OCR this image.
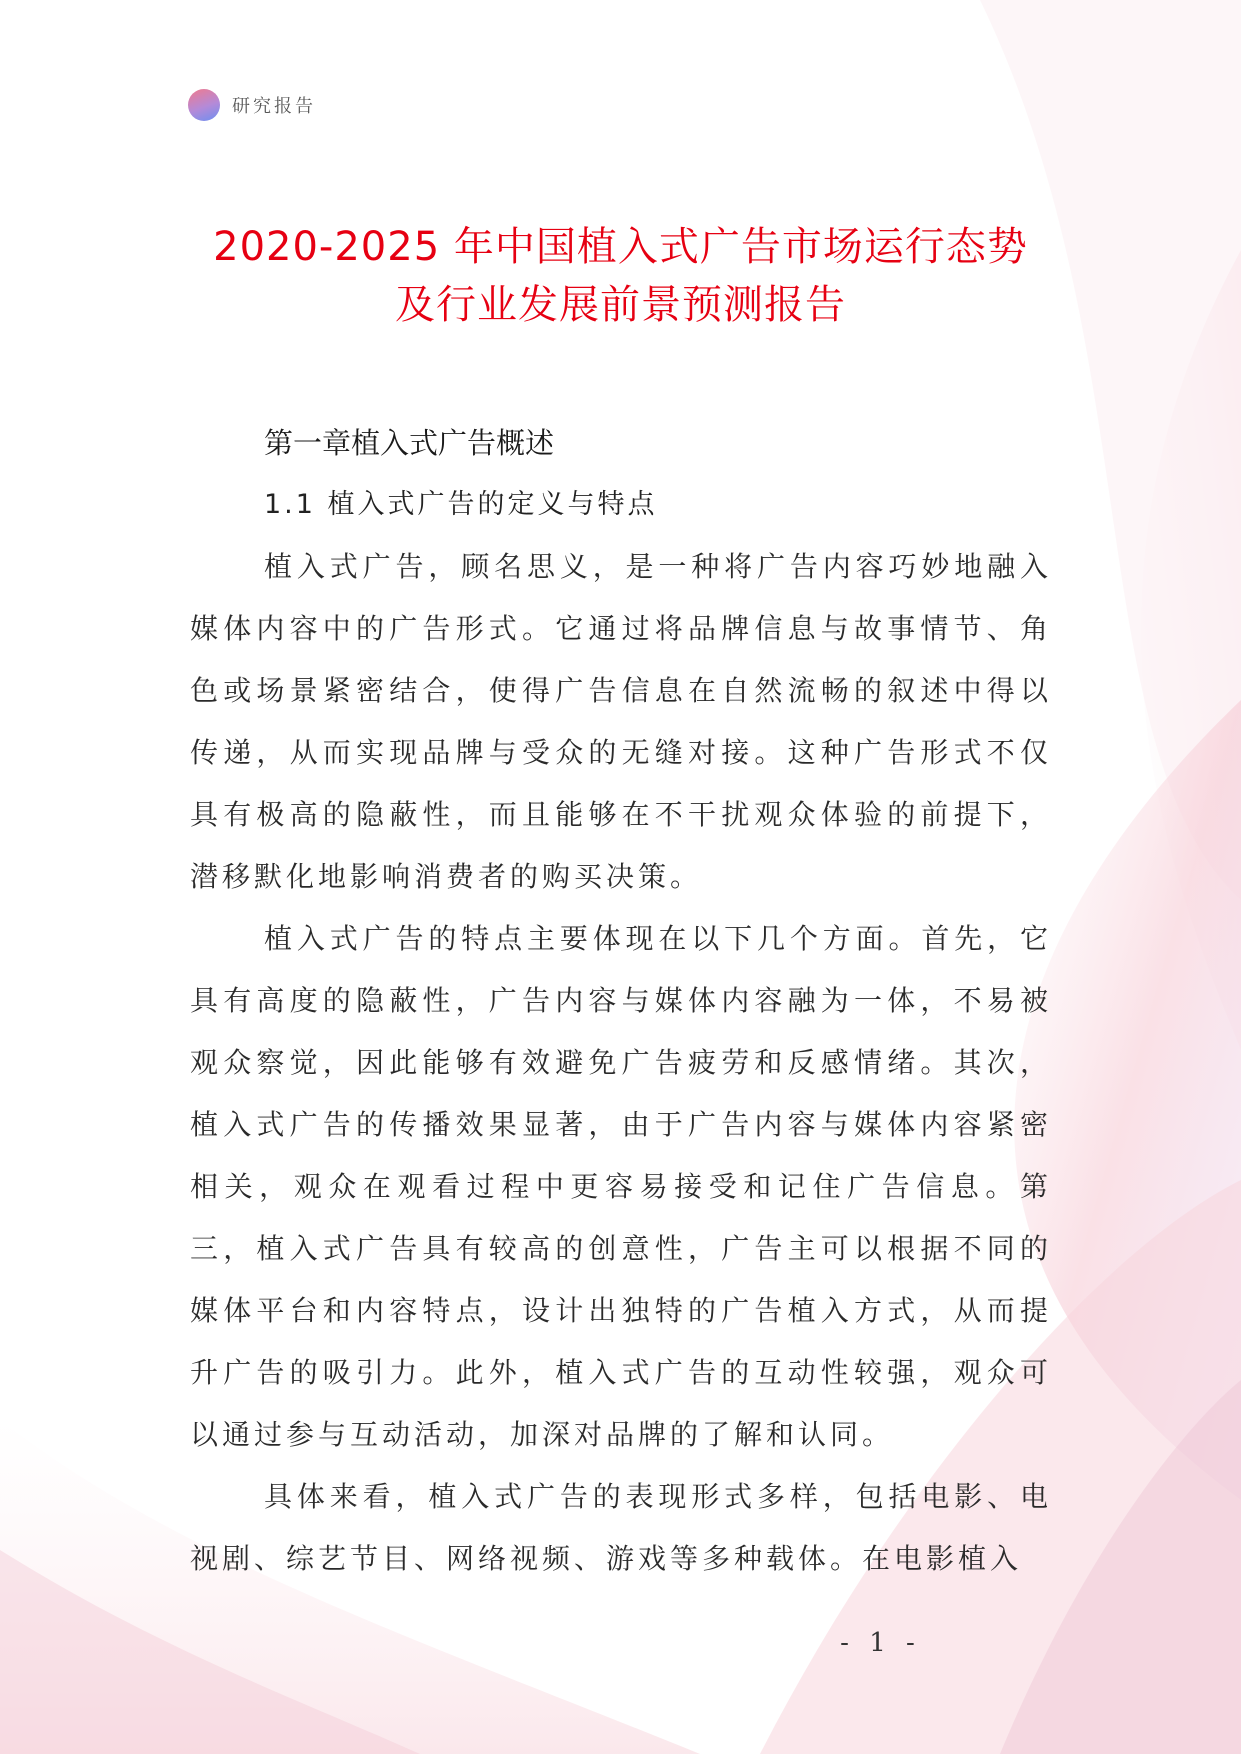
研究报告
2020-2025 年中国植入式广告市场运行态势
及行业发展前景预测报告
第一章植入式广告概述
1.1 植入式广告的定义与特点

植入式广告，顾名思义，是一种将广告内容巧妙地融入媒体内容中的广告形式。它通过将品牌信息与故事情节、角色或场景紧密结合，使得广告信息在自然流畅的叙述中得以传递，从而实现品牌与受众的无缝对接。这种广告形式不仅具有极高的隐蔽性，而且能够在不干扰观众体验的前提下，潜移默化地影响消费者的购买决策。

植入式广告的特点主要体现在以下几个方面。首先，它具有高度的隐蔽性，广告内容与媒体内容融为一体，不易被观众察觉，因此能够有效避免广告疲劳和反感情绪。其次，植入式广告的传播效果显著，由于广告内容与媒体内容紧密相关，观众在观看过程中更容易接受和记住广告信息。第三，植入式广告具有较高的创意性，广告主可以根据不同的媒体平台和内容特点，设计出独特的广告植入方式，从而提升广告的吸引力。此外，植入式广告的互动性较强，观众可以通过参与互动活动，加深对品牌的了解和认同。

具体来看，植入式广告的表现形式多样，包括电影、电视剧、综艺节目、网络视频、游戏等多种载体。在电影植入

- 1 -
